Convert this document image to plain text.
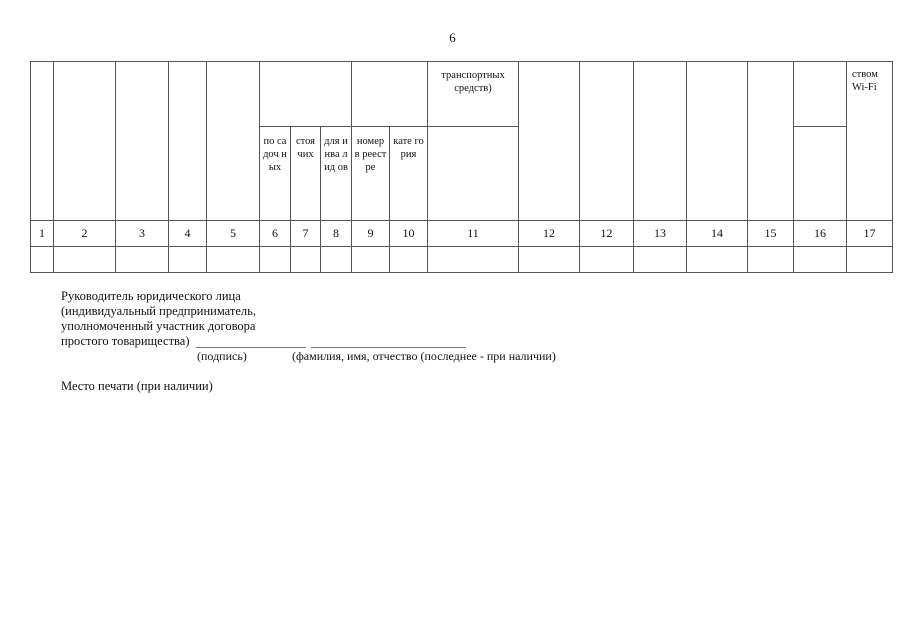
6

										транспортных средств)							ством Wi-Fi

					по са доч ных	стоя чих	для инва лид ов	номер в реест ре	кате гория								

1	2	3	4	5	6	7	8	9	10	11	12	12	13	14	15	16	17

Руководитель юридического лица
(индивидуальный предприниматель,
уполномоченный участник договора
простого товарищества)
(подпись)	(фамилия, имя, отчество (последнее - при наличии)
Место печати (при наличии)
